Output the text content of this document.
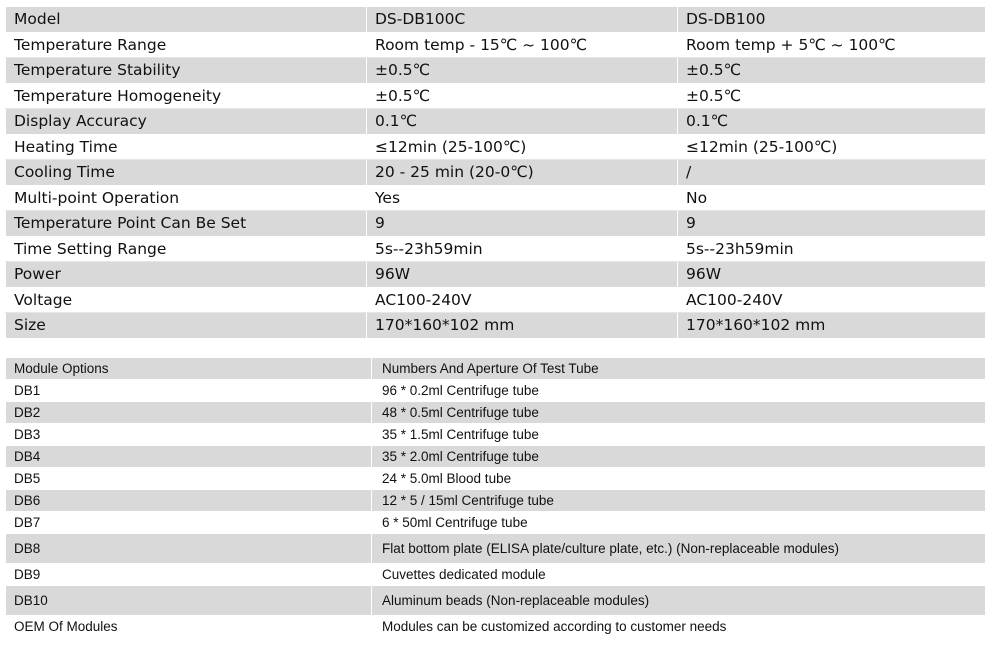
Model	DS-DB100C	DS-DB100
Temperature Range	Room temp - 15℃ ~ 100℃	Room temp + 5℃ ~ 100℃
Temperature Stability	±0.5℃	±0.5℃
Temperature Homogeneity	±0.5℃	±0.5℃
Display Accuracy	0.1℃	0.1℃
Heating Time	≤12min (25-100℃)	≤12min (25-100℃)
Cooling Time	20 - 25 min (20-0℃)	/
Multi-point Operation	Yes	No
Temperature Point Can Be Set	9	9
Time Setting Range	5s--23h59min	5s--23h59min
Power	96W	96W
Voltage	AC100-240V	AC100-240V
Size	170*160*102 mm	170*160*102 mm
Module Options	Numbers And Aperture Of Test Tube
DB1	96 * 0.2ml Centrifuge tube
DB2	48 * 0.5ml Centrifuge tube
DB3	35 * 1.5ml Centrifuge tube
DB4	35 * 2.0ml Centrifuge tube
DB5	24 * 5.0ml Blood tube
DB6	12 * 5 / 15ml Centrifuge tube
DB7	6 * 50ml Centrifuge tube
DB8	Flat bottom plate (ELISA plate/culture plate, etc.) (Non-replaceable modules)
DB9	Cuvettes dedicated module
DB10	Aluminum beads (Non-replaceable modules)
OEM Of Modules	Modules can be customized according to customer needs
